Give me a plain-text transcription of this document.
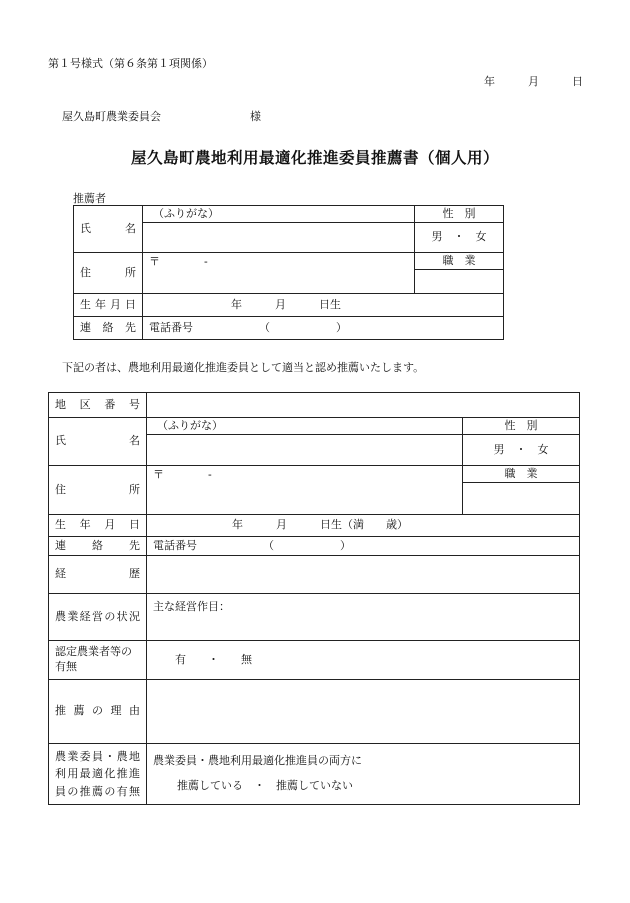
第１号様式（第６条第１項関係）
年	月	日
屋久島町農業委員会	様
屋久島町農地利用最適化推進委員推薦書（個人用）
推薦者
氏　　名	（ふりがな）	性　別
		男　・　女
住　　所	〒　　　　-	職　業

生 年 月 日	年　　　月　　　日生	
連　絡　先	電話番号 （　　　　　　）	
下記の者は、農地利用最適化推進委員として適当と認め推薦いたします。
地区番号		
氏　　　名	（ふりがな）	性　別
		男　・　女
住　　　所	〒　　　　-	職　業

生年月日	年　　　月　　　日生（満　　歳）	
連絡先	電話番号 （　　　　　　）	
経　　　歴		
農業経営の状況	主な経営作目：	
認定農業者等の有無	有　　・　　無	
推薦の理由		
農業委員・農地利用最適化推進員の推薦の有無	農業委員・農地利用最適化推進員の両方に
推薦している　・　推薦していない	
